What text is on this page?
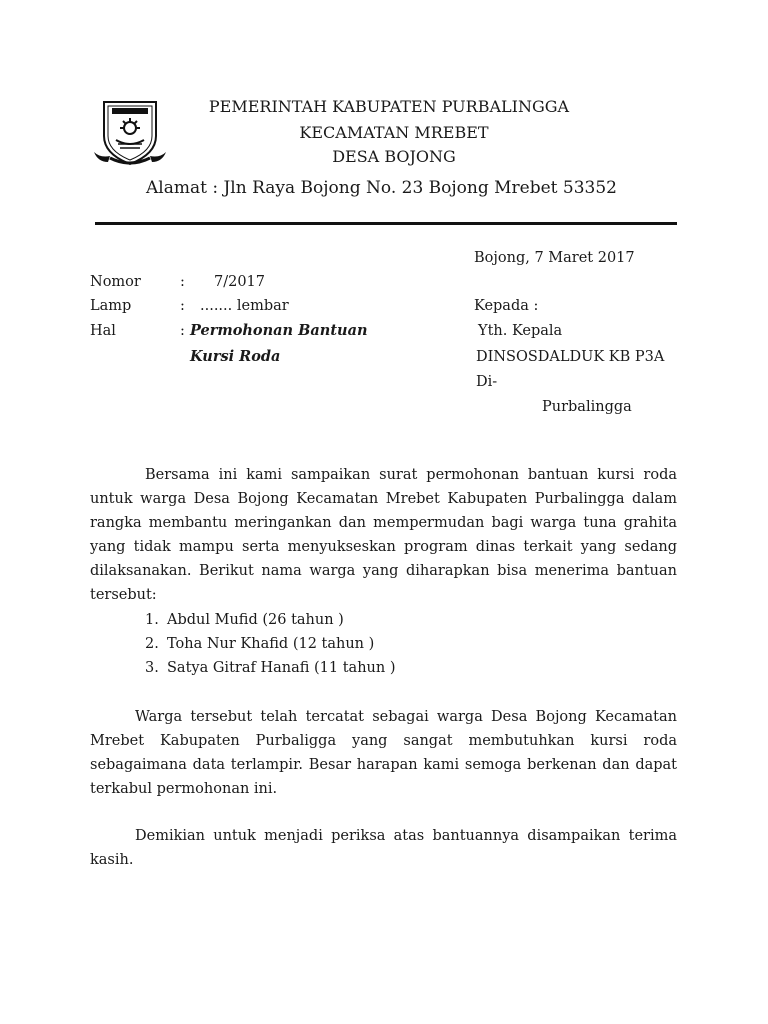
PEMERINTAH KABUPATEN PURBALINGGA
KECAMATAN MREBET
DESA BOJONG
Alamat : Jln Raya Bojong No. 23 Bojong Mrebet 53352
Bojong, 7 Maret 2017
Nomor	: 7/2017
Lamp	: ....... lembar
Hal	: Permohonan Bantuan
Kursi Roda
Kepada :
Yth. Kepala
DINSOSDALDUK KB P3A
Di-
Purbalingga

Bersama ini kami sampaikan surat permohonan bantuan kursi roda untuk warga Desa Bojong Kecamatan Mrebet Kabupaten Purbalingga dalam rangka membantu meringankan dan mempermudan bagi warga tuna grahita yang tidak mampu serta menyukseskan program dinas terkait yang sedang dilaksanakan. Berikut nama warga yang diharapkan bisa menerima bantuan tersebut:

1. Abdul Mufid (26 tahun )
2. Toha Nur Khafid (12 tahun )
3. Satya Gitraf Hanafi (11 tahun )

Warga tersebut telah tercatat sebagai warga Desa Bojong Kecamatan Mrebet Kabupaten Purbaligga yang sangat membutuhkan kursi roda sebagaimana data terlampir. Besar harapan kami semoga berkenan dan dapat terkabul permohonan ini.

Demikian untuk menjadi periksa atas bantuannya disampaikan terima kasih.
